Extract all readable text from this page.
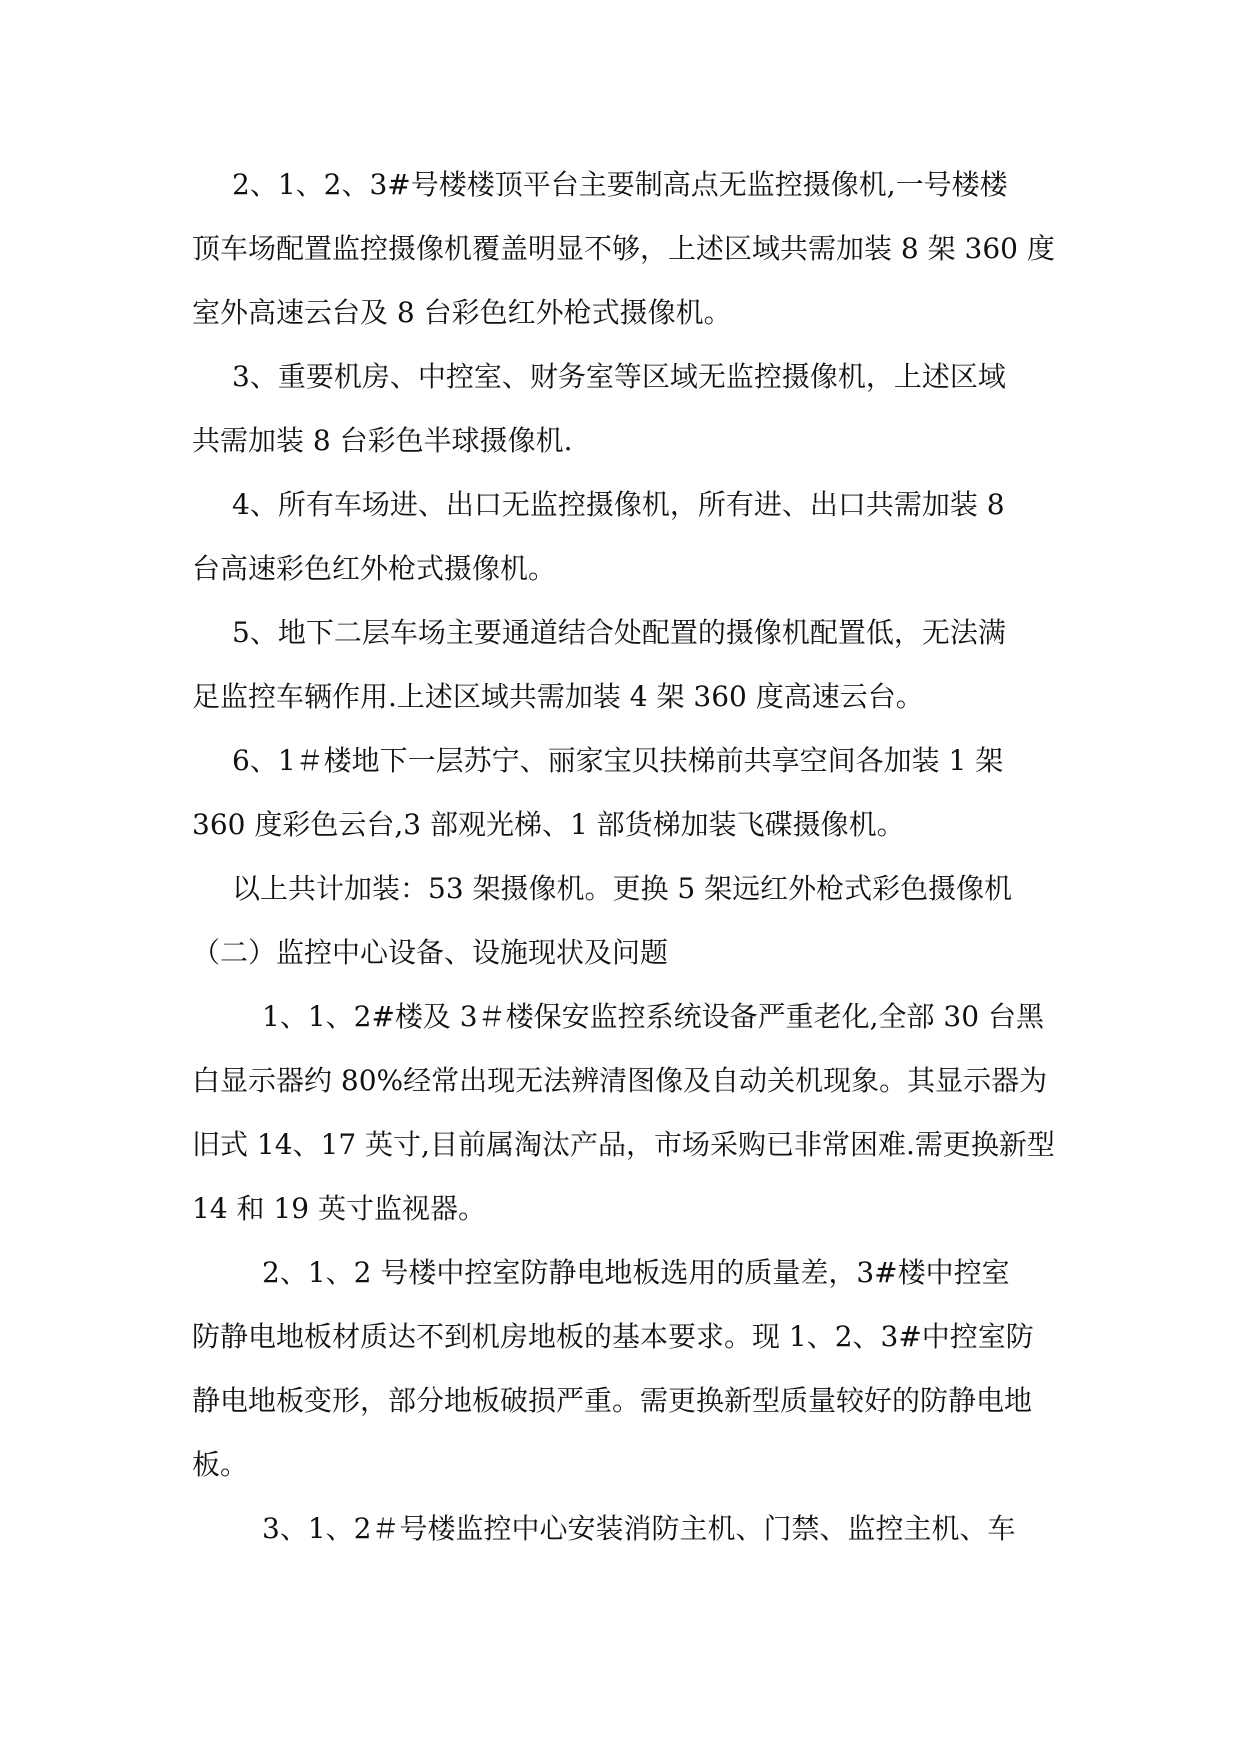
2、1、2、3#号楼楼顶平台主要制高点无监控摄像机,一号楼楼
顶车场配置监控摄像机覆盖明显不够，上述区域共需加装 8 架 360 度
室外高速云台及 8 台彩色红外枪式摄像机。
3、重要机房、中控室、财务室等区域无监控摄像机，上述区域
共需加装 8 台彩色半球摄像机.
4、所有车场进、出口无监控摄像机，所有进、出口共需加装 8
台高速彩色红外枪式摄像机。
5、地下二层车场主要通道结合处配置的摄像机配置低，无法满
足监控车辆作用.上述区域共需加装 4 架 360 度高速云台。
6、1＃楼地下一层苏宁、丽家宝贝扶梯前共享空间各加装 1 架
360 度彩色云台,3 部观光梯、1 部货梯加装飞碟摄像机。
以上共计加装：53 架摄像机。更换 5 架远红外枪式彩色摄像机
（二）监控中心设备、设施现状及问题
1、1、2#楼及 3＃楼保安监控系统设备严重老化,全部 30 台黑
白显示器约 80%经常出现无法辨清图像及自动关机现象。其显示器为
旧式 14、17 英寸,目前属淘汰产品，市场采购已非常困难.需更换新型
14 和 19 英寸监视器。
2、1、2 号楼中控室防静电地板选用的质量差，3#楼中控室
防静电地板材质达不到机房地板的基本要求。现 1、2、3#中控室防
静电地板变形，部分地板破损严重。需更换新型质量较好的防静电地
板。
3、1、2＃号楼监控中心安装消防主机、门禁、监控主机、车
